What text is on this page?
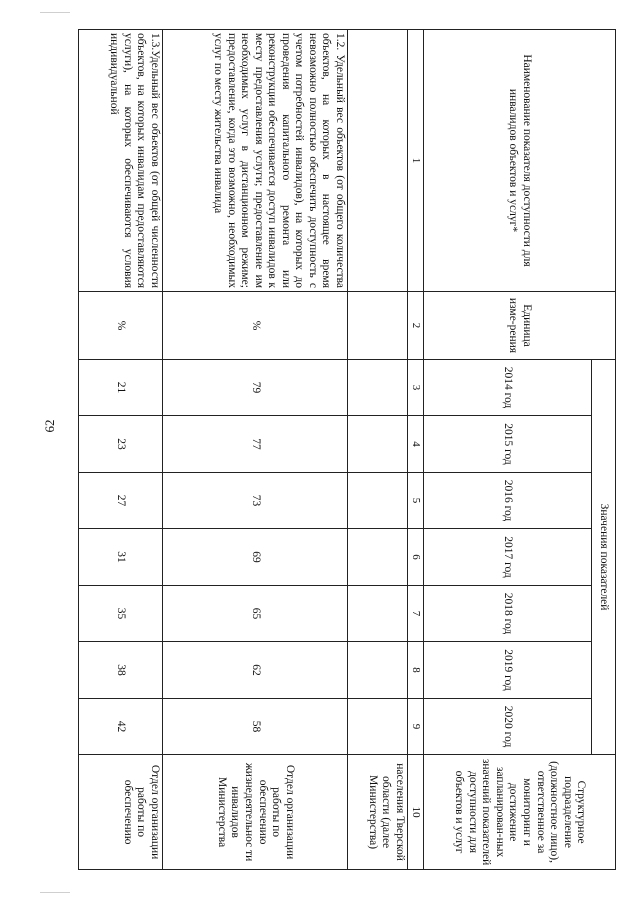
62
Наименование показателя доступности для инвалидов объектов и услуг*	Единица изме-рения	Значения показателей							Структурное подразделение (должностное лицо), ответственное за мониторинг и достижение запланирован-ных значений показателей доступности для объектов и услуг
		2014 год	2015 год	2016 год	2017 год	2018 год	2019 год	2020 год	
1	2	3	4	5	6	7	8	9	10
									населения Тверской области (далее Министерства)
1.2. Удельный вес объектов (от общего количества объектов, на которых в настоящее время невозможно полностью обеспечить доступность с учетом потребностей инвалидов), на которых до проведения капитального ремонта или реконструкции обеспечивается доступ инвалидов к месту предоставления услуги; предоставление им необходимых услуг в дистанционном режиме; предоставление, когда это возможно, необходимых услуг по месту жительства инвалида	%	79	77	73	69	65	62	58	Отдел организации работы по обеспечению жизнедеятельнос ти инвалидов Министерства
1.3.Удельный вес объектов (от общей численности объектов, на которых инвалидам предоставляются услуги), на которых обеспечиваются условия индивидуальной	%	21	23	27	31	35	38	42	Отдел организации работы по обеспечению
